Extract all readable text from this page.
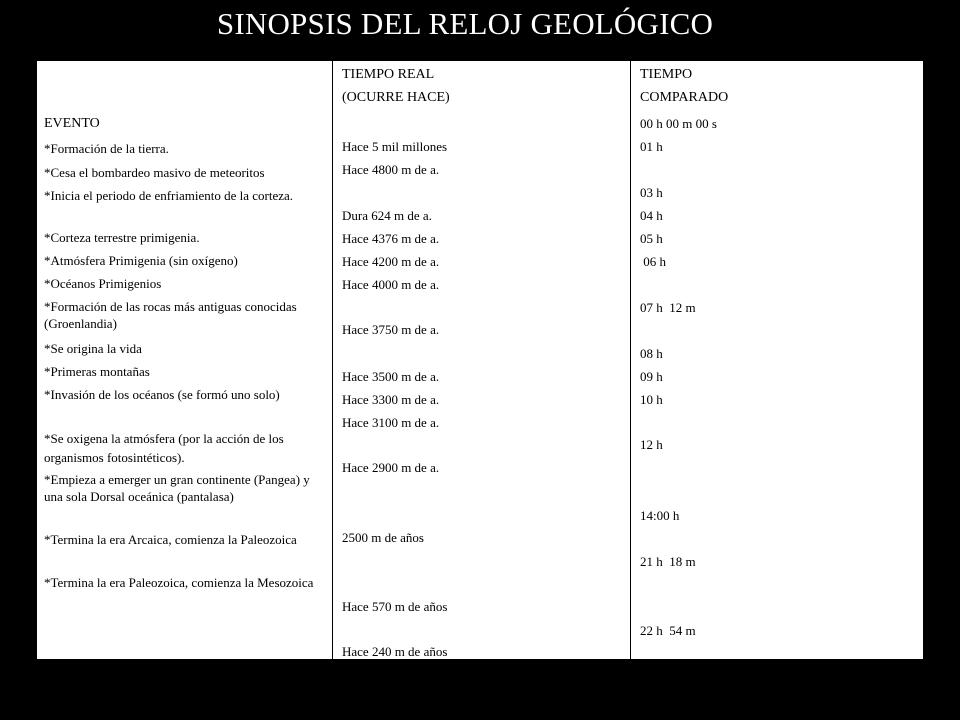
SINOPSIS DEL RELOJ GEOLÓGICO
EVENTO
TIEMPO REAL
(OCURRE HACE)
TIEMPO
COMPARADO
*Formación de la tierra.
*Cesa el bombardeo masivo de meteoritos
*Inicia el periodo de enfriamiento de la corteza.
*Corteza terrestre primigenia.
*Atmósfera Primigenia (sin oxígeno)
*Océanos Primigenios
*Formación de las rocas más antiguas conocidas (Groenlandia)
*Se origina la vida
*Primeras montañas
*Invasión de los océanos (se formó uno solo)
*Se oxigena la atmósfera (por la acción de los organismos fotosintéticos).
*Empieza a emerger un gran continente (Pangea) y una sola Dorsal oceánica (pantalasa)
*Termina la era Arcaica, comienza la Paleozoica
*Termina la era Paleozoica, comienza la Mesozoica
Hace 5 mil millones
Hace 4800 m de a.
Dura 624 m de a.
Hace 4376 m de a.
Hace 4200 m de a.
Hace 4000 m de a.
Hace 3750 m de a.
Hace 3500 m de a.
Hace 3300 m de a.
Hace 3100 m de a.
Hace 2900 m de a.
2500 m de años
Hace 570 m de años
Hace 240 m de años
00 h 00 m 00 s
01 h
03 h
04 h
05 h
06 h
07 h  12 m
08 h
09 h
10 h
12 h
14:00 h
21 h  18 m
22 h  54 m
